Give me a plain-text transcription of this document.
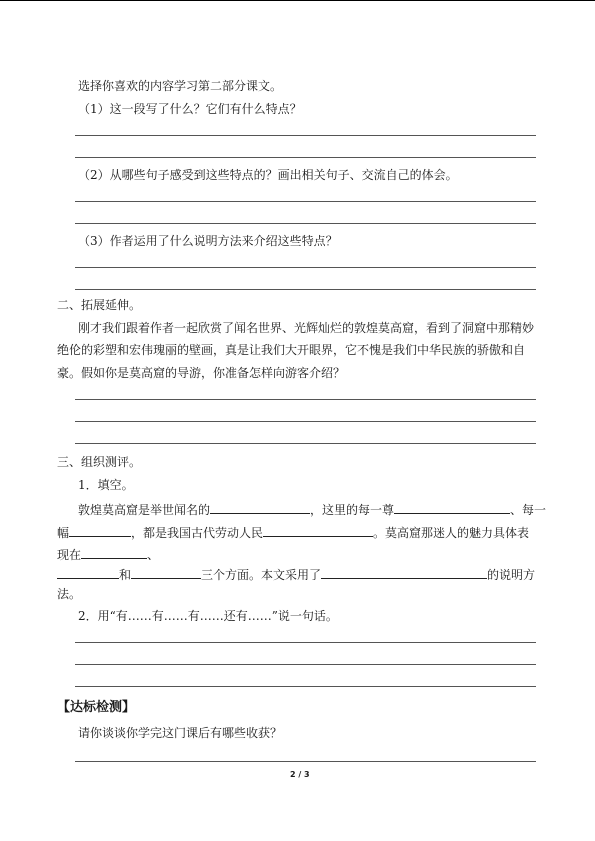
选择你喜欢的内容学习第二部分课文。
（1）这一段写了什么？它们有什么特点？
（2）从哪些句子感受到这些特点的？画出相关句子、交流自己的体会。
（3）作者运用了什么说明方法来介绍这些特点？
二、拓展延伸。
刚才我们跟着作者一起欣赏了闻名世界、光辉灿烂的敦煌莫高窟，看到了洞窟中那精妙
绝伦的彩塑和宏伟瑰丽的壁画，真是让我们大开眼界，它不愧是我们中华民族的骄傲和自
豪。假如你是莫高窟的导游，你准备怎样向游客介绍？
三、组织测评。
1．填空。
敦煌莫高窟是举世闻名的	，这里的每一尊	、每一
幅	，都是我国古代劳动人民	。莫高窟那迷人的魅力具体表
现在	、
和	三个方面。本文采用了	的说明方
法。
2．用“有……有……有……还有……”说一句话。
【达标检测】
请你谈谈你学完这门课后有哪些收获？
2 / 3
